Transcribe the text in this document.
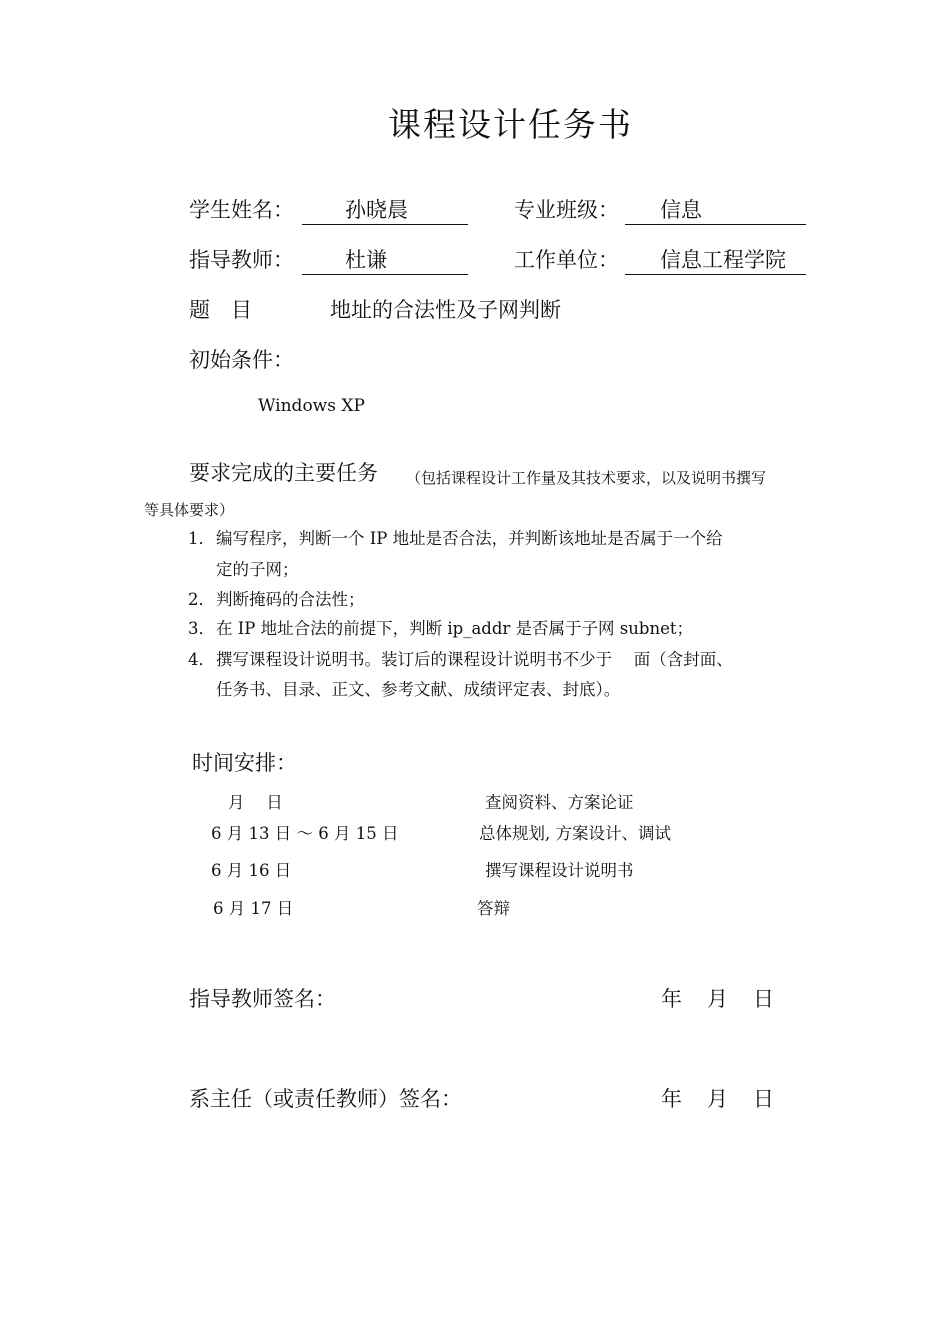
课程设计任务书
学生姓名： 孙晓晨	专业班级： 信息
指导教师： 杜谦	工作单位： 信息工程学院
题　目	地址的合法性及子网判断
初始条件：
Windows XP
要求完成的主要任务 （包括课程设计工作量及其技术要求，以及说明书撰写
等具体要求）
1． 编写程序，判断一个 IP 地址是否合法，并判断该地址是否属于一个给
定的子网；
2． 判断掩码的合法性；
3． 在 IP 地址合法的前提下，判断 ip_addr 是否属于子网 subnet；
4． 撰写课程设计说明书。装订后的课程设计说明书不少于　 面（含封面、
任务书、目录、正文、参考文献、成绩评定表、封底）。
时间安排：
月　 日	查阅资料、方案论证
6 月 13 日 ～ 6 月 15 日	总体规划, 方案设计、调试
6 月 16 日	撰写课程设计说明书
6 月 17 日	答辩
指导教师签名：	年　月　日
系主任（或责任教师）签名：	年　月　日
